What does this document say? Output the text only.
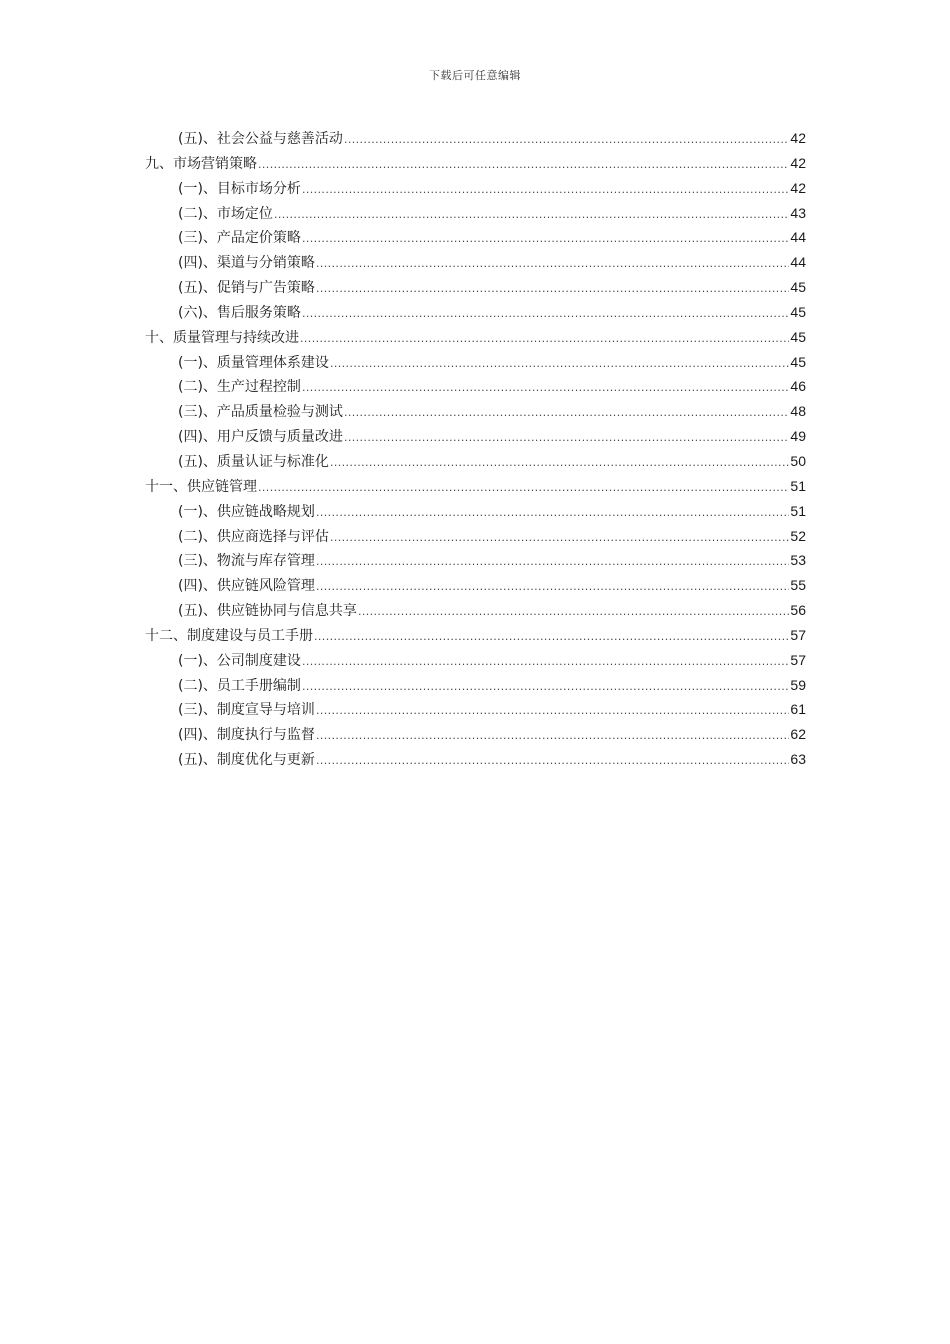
下载后可任意编辑
(五)、社会公益与慈善活动 .....	42
九、市场营销策略 .....	42
(一)、目标市场分析 .....	42
(二)、市场定位 .....	43
(三)、产品定价策略 .....	44
(四)、渠道与分销策略 .....	44
(五)、促销与广告策略 .....	45
(六)、售后服务策略 .....	45
十、质量管理与持续改进 .....	45
(一)、质量管理体系建设 .....	45
(二)、生产过程控制 .....	46
(三)、产品质量检验与测试 .....	48
(四)、用户反馈与质量改进 .....	49
(五)、质量认证与标准化 .....	50
十一、供应链管理 .....	51
(一)、供应链战略规划 .....	51
(二)、供应商选择与评估 .....	52
(三)、物流与库存管理 .....	53
(四)、供应链风险管理 .....	55
(五)、供应链协同与信息共享 .....	56
十二、制度建设与员工手册 .....	57
(一)、公司制度建设 .....	57
(二)、员工手册编制 .....	59
(三)、制度宣导与培训 .....	61
(四)、制度执行与监督 .....	62
(五)、制度优化与更新 .....	63
